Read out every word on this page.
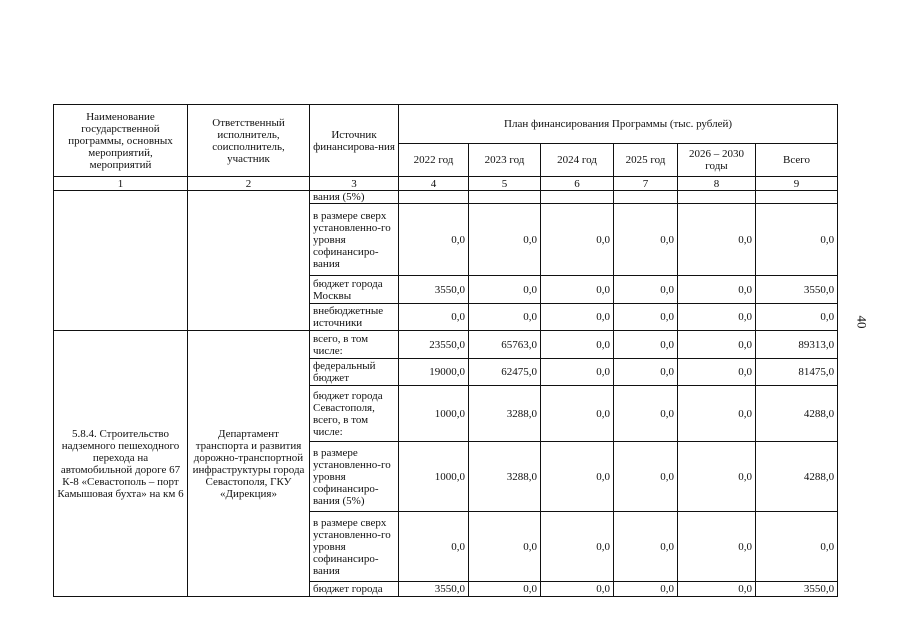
40
Наименование государственной программы, основных мероприятий, мероприятий	Ответственный исполнитель, соисполнитель, участник	Источник финансирова-ния	План финансирования Программы (тыс. рублей)					
			2022 год	2023 год	2024 год	2025 год	2026 – 2030 годы	Всего
1	2	3	4	5	6	7	8	9
		вания (5%)						
		в размере сверх установленно-го уровня софинансиро-вания	0,0	0,0	0,0	0,0	0,0	0,0
		бюджет города Москвы	3550,0	0,0	0,0	0,0	0,0	3550,0
		внебюджетные источники	0,0	0,0	0,0	0,0	0,0	0,0
5.8.4. Строительство надземного пешеходного перехода на автомобильной дороге 67 К-8 «Севастополь – порт Камышовая бухта» на км 6	Департамент транспорта и развития дорожно-транспортной инфраструктуры города Севастополя, ГКУ «Дирекция»	всего, в том числе:	23550,0	65763,0	0,0	0,0	0,0	89313,0
		федеральный бюджет	19000,0	62475,0	0,0	0,0	0,0	81475,0
		бюджет города Севастополя, всего, в том числе:	1000,0	3288,0	0,0	0,0	0,0	4288,0
		в размере установленно-го уровня софинансиро-вания (5%)	1000,0	3288,0	0,0	0,0	0,0	4288,0
		в размере сверх установленно-го уровня софинансиро-вания	0,0	0,0	0,0	0,0	0,0	0,0
		бюджет города	3550,0	0,0	0,0	0,0	0,0	3550,0
